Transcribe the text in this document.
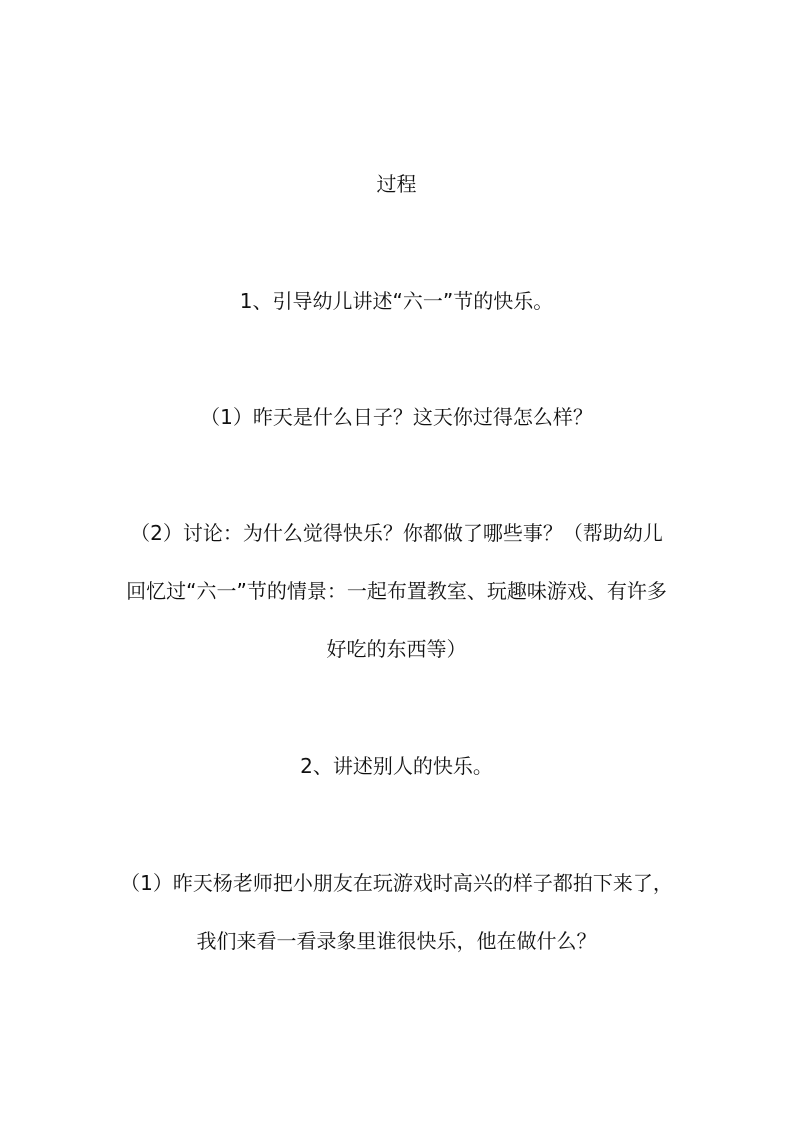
过程
1、引导幼儿讲述“六一”节的快乐。
（1）昨天是什么日子？这天你过得怎么样？
（2）讨论：为什么觉得快乐？你都做了哪些事？（帮助幼儿
回忆过“六一”节的情景：一起布置教室、玩趣味游戏、有许多
好吃的东西等）
2、讲述别人的快乐。
（1）昨天杨老师把小朋友在玩游戏时高兴的样子都拍下来了，
我们来看一看录象里谁很快乐，他在做什么？
